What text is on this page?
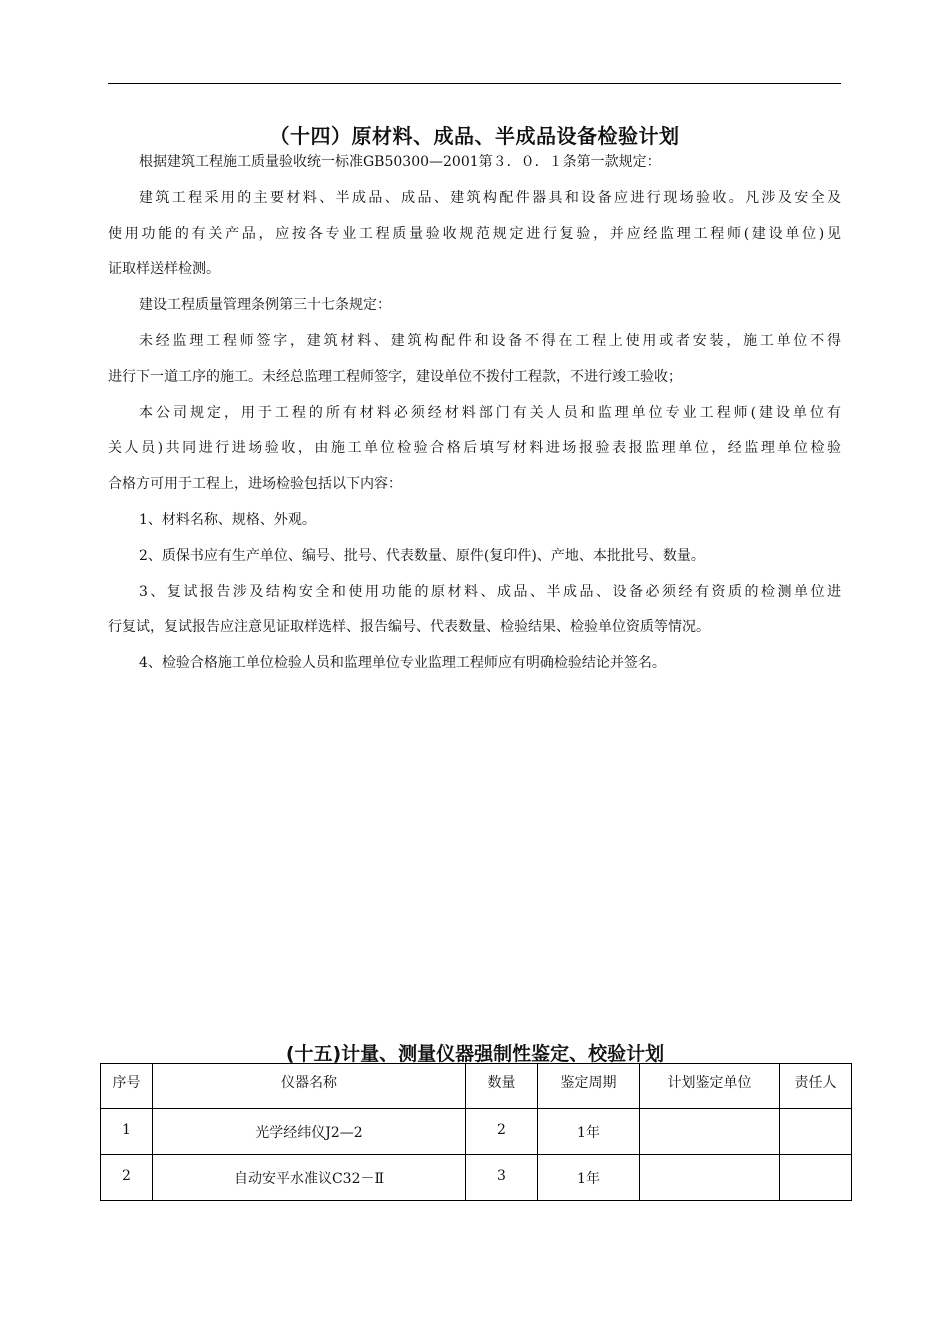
（十四）原材料、成品、半成品设备检验计划
根据建筑工程施工质量验收统一标准GB50300—2001第３．０．１条第一款规定：
建筑工程采用的主要材料、半成品、成品、建筑构配件器具和设备应进行现场验收。凡涉及安全及
使用功能的有关产品，应按各专业工程质量验收规范规定进行复验，并应经监理工程师(建设单位)见
证取样送样检测。
建设工程质量管理条例第三十七条规定：
未经监理工程师签字，建筑材料、建筑构配件和设备不得在工程上使用或者安装，施工单位不得
进行下一道工序的施工。未经总监理工程师签字，建设单位不拨付工程款，不进行竣工验收；
本公司规定，用于工程的所有材料必须经材料部门有关人员和监理单位专业工程师(建设单位有
关人员)共同进行进场验收，由施工单位检验合格后填写材料进场报验表报监理单位，经监理单位检验
合格方可用于工程上，进场检验包括以下内容：
1、材料名称、规格、外观。
2、质保书应有生产单位、编号、批号、代表数量、原件(复印件)、产地、本批批号、数量。
3、复试报告涉及结构安全和使用功能的原材料、成品、半成品、设备必须经有资质的检测单位进
行复试，复试报告应注意见证取样选样、报告编号、代表数量、检验结果、检验单位资质等情况。
4、检验合格施工单位检验人员和监理单位专业监理工程师应有明确检验结论并签名。
(十五)计量、测量仪器强制性鉴定、校验计划
序号	仪器名称	数量	鉴定周期	计划鉴定单位	责任人
1	光学经纬仪J2—2	2	1年		
2	自动安平水准议C32－Ⅱ	3	1年		
